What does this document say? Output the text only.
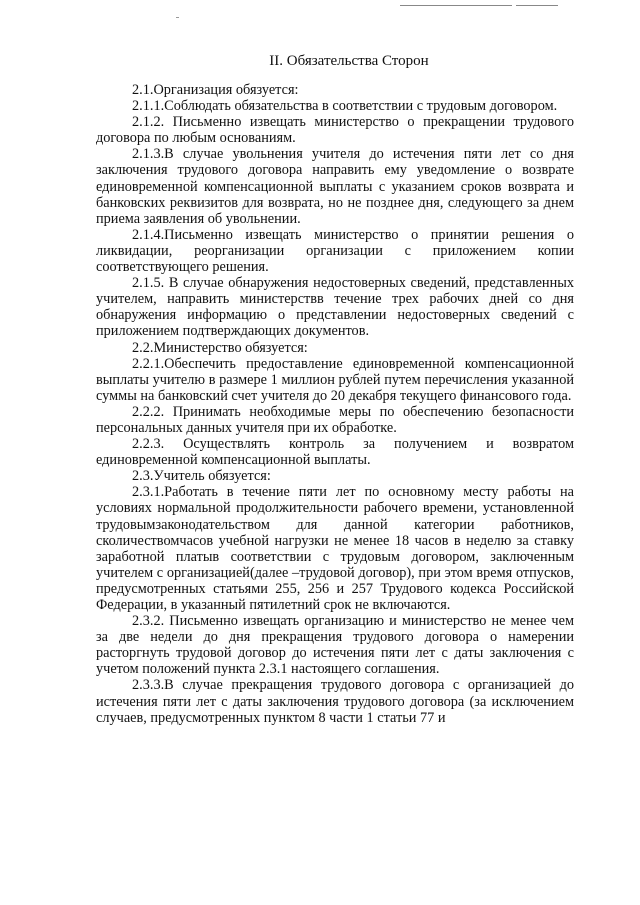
II. Обязательства Сторон

2.1.Организация обязуется:

2.1.1.Соблюдать обязательства в соответствии с трудовым договором.

2.1.2. Письменно извещать министерство о прекращении трудового договора по любым основаниям.

2.1.3.В случае увольнения учителя до истечения пяти лет со дня заключения трудового договора направить ему уведомление о возврате единовременной компенсационной выплаты с указанием сроков возврата и банковских реквизитов для возврата, но не позднее дня, следующего за днем приема заявления об увольнении.

2.1.4.Письменно извещать министерство о принятии решения о ликвидации, реорганизации организации с приложением копии соответствующего решения.

2.1.5. В случае обнаружения недостоверных сведений, представленных учителем, направить министерствв течение трех рабочих дней со дня обнаружения информацию о представлении недостоверных сведений с приложением подтверждающих документов.

2.2.Министерство обязуется:

2.2.1.Обеспечить предоставление единовременной компенсационной выплаты учителю в размере 1 миллион рублей путем перечисления указанной суммы на банковский счет учителя до 20 декабря текущего финансового года.

2.2.2. Принимать необходимые меры по обеспечению безопасности персональных данных учителя при их обработке.

2.2.3. Осуществлять контроль за получением и возвратом единовременной компенсационной выплаты.

2.3.Учитель обязуется:

2.3.1.Работать в течение пяти лет по основному месту работы на условиях нормальной продолжительности рабочего времени, установленной трудовымзаконодательством для данной категории работников, сколичествомчасов учебной нагрузки не менее 18 часов в неделю за ставку заработной платыв соответствии с трудовым договором, заключенным учителем с организацией(далее –трудовой договор), при этом время отпусков, предусмотренных статьями 255, 256 и 257 Трудового кодекса Российской Федерации, в указанный пятилетний срок не включаются.

2.3.2. Письменно извещать организацию и министерство не менее чем за две недели до дня прекращения трудового договора о намерении расторгнуть трудовой договор до истечения пяти лет с даты заключения с учетом положений пункта 2.3.1 настоящего соглашения.

2.3.3.В случае прекращения трудового договора с организацией до истечения пяти лет с даты заключения трудового договора (за исключением случаев, предусмотренных пунктом 8 части 1 статьи 77 и
